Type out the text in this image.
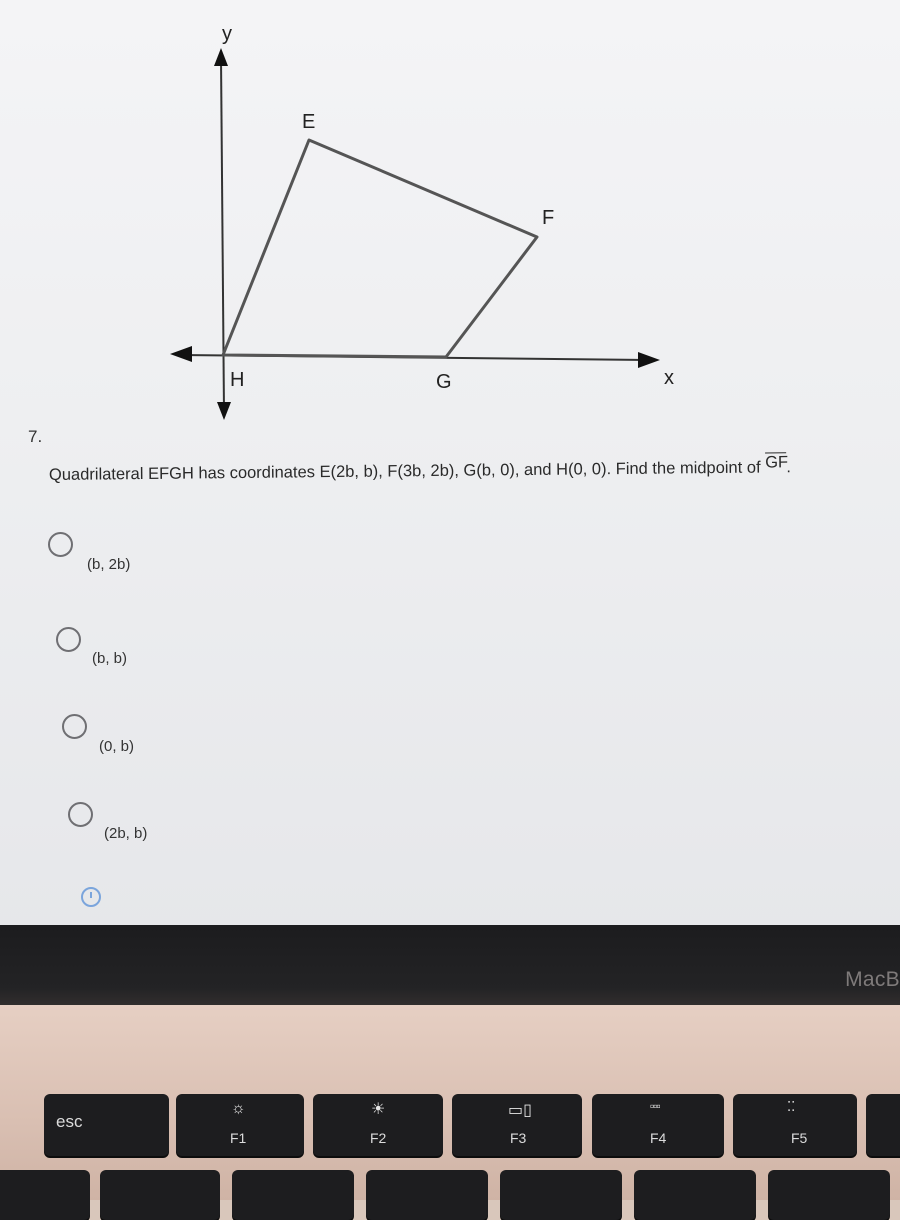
y
x
E
F
G
H
7.
Quadrilateral EFGH has coordinates E(2b, b), F(3b, 2b), G(b, 0), and H(0, 0). Find the midpoint of $\overline{GF}$.
(b, 2b)
(b, b)
(0, b)
(2b, b)
MacB
esc
☼
F1
☀
F2
▭▯
F3
▫▫▫
F4
⁚⁚
F5
